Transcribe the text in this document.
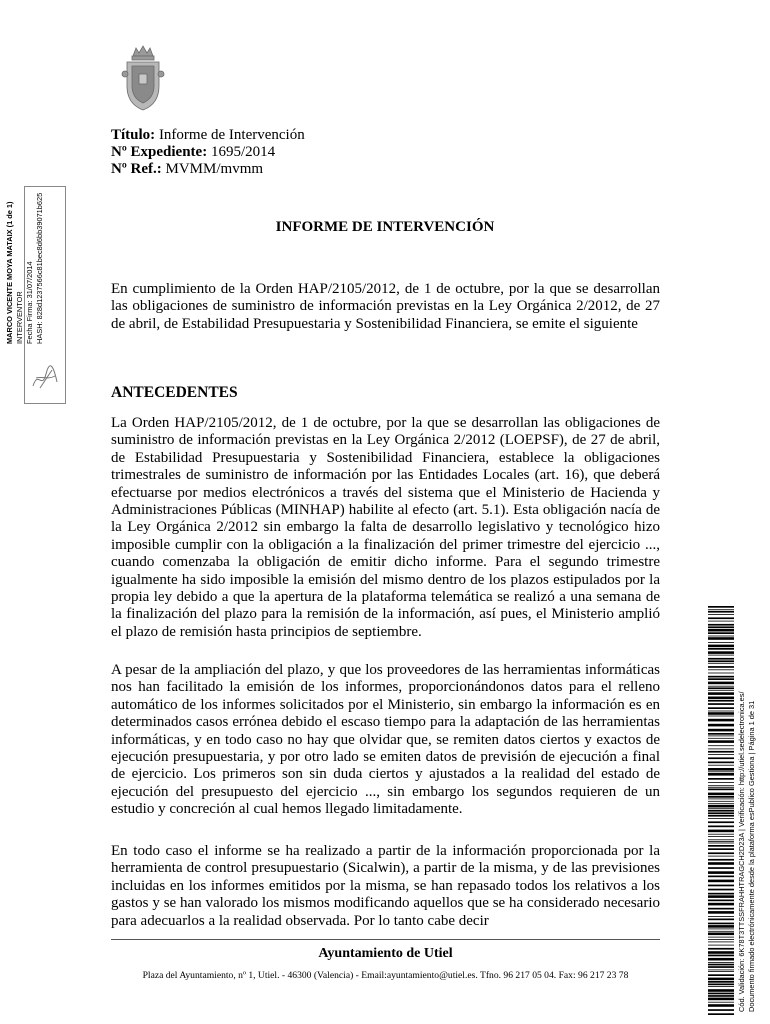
MARCO VICENTE MOYA MATAIX (1 de 1) INTERVENTOR Fecha Firma: 31/07/2014 HASH: 828d1237566c81bec8d6bb39071b625
Título: Informe de Intervención
Nº Expediente: 1695/2014
Nº Ref.: MVMM/mvmm
INFORME DE INTERVENCIÓN
En cumplimiento de la Orden HAP/2105/2012, de 1 de octubre, por la que se desarrollan las obligaciones de suministro de información previstas en la Ley Orgánica 2/2012, de 27 de abril, de Estabilidad Presupuestaria y Sostenibilidad Financiera, se emite el siguiente
ANTECEDENTES
La Orden HAP/2105/2012, de 1 de octubre, por la que se desarrollan las obligaciones de suministro de información previstas en la Ley Orgánica 2/2012 (LOEPSF), de 27 de abril, de Estabilidad Presupuestaria y Sostenibilidad Financiera, establece la obligaciones trimestrales de suministro de información por las Entidades Locales (art. 16), que deberá efectuarse por medios electrónicos a través del sistema que el Ministerio de Hacienda y Administraciones Públicas (MINHAP) habilite al efecto (art. 5.1). Esta obligación nacía de la Ley Orgánica 2/2012 sin embargo la falta de desarrollo legislativo y tecnológico hizo imposible cumplir con la obligación a la finalización del primer trimestre del ejercicio ..., cuando comenzaba la obligación de emitir dicho informe. Para el segundo trimestre igualmente ha sido imposible la emisión del mismo dentro de los plazos estipulados por la propia ley debido a que la apertura de la plataforma telemática se realizó a una semana de la finalización del plazo para la remisión de la información, así pues, el Ministerio amplió el plazo de remisión hasta principios de septiembre.
A pesar de la ampliación del plazo, y que los proveedores de las herramientas informáticas nos han facilitado la emisión de los informes, proporcionándonos datos para el relleno automático de los informes solicitados por el Ministerio, sin embargo la información es en determinados casos errónea debido el escaso tiempo para la adaptación de las herramientas informáticas, y en todo caso no hay que olvidar que, se remiten datos ciertos y exactos de ejecución presupuestaria, y por otro lado se emiten datos de previsión de ejecución a final de ejercicio. Los primeros son sin duda ciertos y ajustados a la realidad del estado de ejecución del presupuesto del ejercicio ..., sin embargo los segundos requieren de un estudio y concreción al cual hemos llegado limitadamente.
En todo caso el informe se ha realizado a partir de la información proporcionada por la herramienta de control presupuestario (Sicalwin), a partir de la misma, y de las previsiones incluidas en los informes emitidos por la misma, se han repasado todos los relativos a los gastos y se han valorado los mismos modificando aquellos que se ha considerado necesario para adecuarlos a la realidad observada. Por lo tanto cabe decir
Ayuntamiento de Utiel
Plaza del Ayuntamiento, nº 1, Utiel. - 46300 (Valencia) - Email:ayuntamiento@utiel.es. Tfno. 96 217 05 04. Fax: 96 217 23 78	Cód. Validación: 6K78T3TTSSFRAHHTRAGCH2D23A | Verificación: http://utiel.sedelectronica.es/ Documento firmado electrónicamente desde la plataforma esPublico Gestiona | Página 1 de 31
